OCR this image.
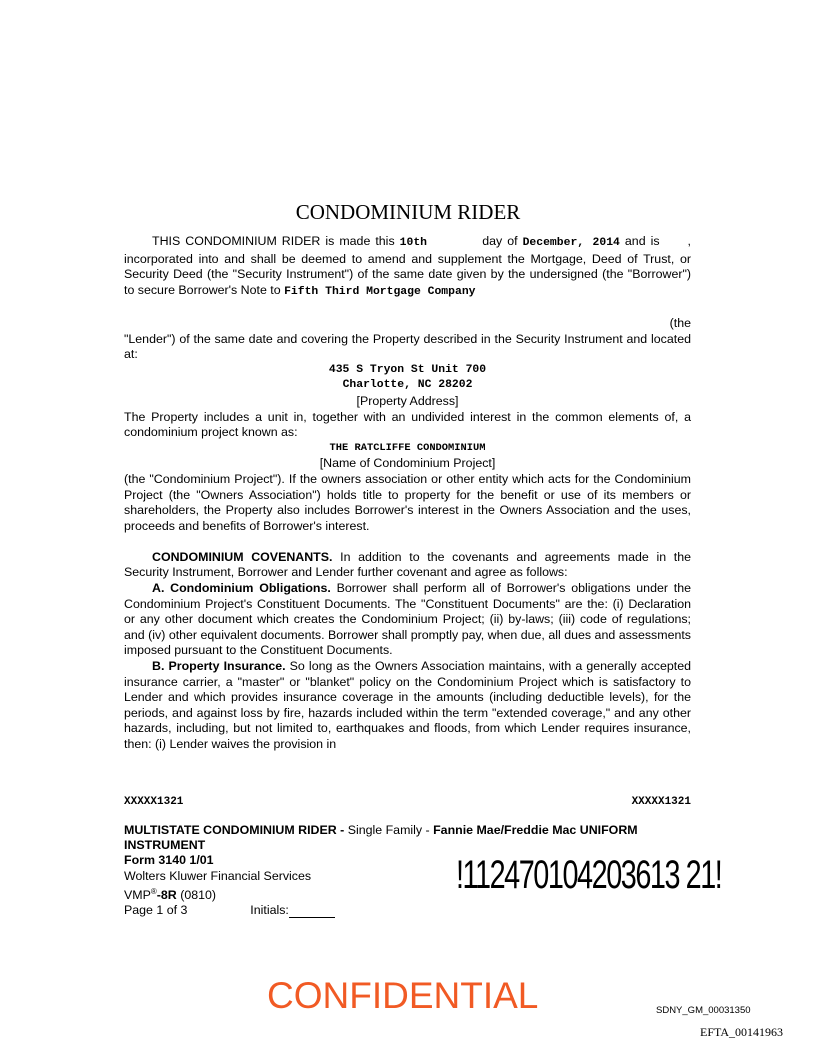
CONDOMINIUM RIDER

THIS CONDOMINIUM RIDER is made this 10th	day of December, 2014	,
and is incorporated into and shall be deemed to amend and supplement the Mortgage, Deed of Trust, or Security Deed (the "Security Instrument") of the same date given by the undersigned (the "Borrower") to secure Borrower's Note to Fifth Third Mortgage Company

(the

"Lender") of the same date and covering the Property described in the Security Instrument and located at:

435 S Tryon St Unit 700

Charlotte, NC 28202

[Property Address]

The Property includes a unit in, together with an undivided interest in the common elements of, a condominium project known as:

THE RATCLIFFE CONDOMINIUM

[Name of Condominium Project]

(the "Condominium Project"). If the owners association or other entity which acts for the Condominium Project (the "Owners Association") holds title to property for the benefit or use of its members or shareholders, the Property also includes Borrower's interest in the Owners Association and the uses, proceeds and benefits of Borrower's interest.

CONDOMINIUM COVENANTS. In addition to the covenants and agreements made in the Security Instrument, Borrower and Lender further covenant and agree as follows:

A. Condominium Obligations. Borrower shall perform all of Borrower's obligations under the Condominium Project's Constituent Documents. The "Constituent Documents" are the: (i) Declaration or any other document which creates the Condominium Project; (ii) by-laws; (iii) code of regulations; and (iv) other equivalent documents. Borrower shall promptly pay, when due, all dues and assessments imposed pursuant to the Constituent Documents.

B. Property Insurance. So long as the Owners Association maintains, with a generally accepted insurance carrier, a "master" or "blanket" policy on the Condominium Project which is satisfactory to Lender and which provides insurance coverage in the amounts (including deductible levels), for the periods, and against loss by fire, hazards included within the term "extended coverage," and any other hazards, including, but not limited to, earthquakes and floods, from which Lender requires insurance, then: (i) Lender waives the provision in

XXXXX1321	XXXXX1321

MULTISTATE CONDOMINIUM RIDER - Single Family - Fannie Mae/Freddie Mac UNIFORM INSTRUMENT

Form 3140 1/01

Wolters Kluwer Financial Services

VMP®-8R (0810)

Page 1 of 3	Initials:

!112470104203613 21!
CONFIDENTIAL	SDNY_GM_00031350
EFTA_00141963
